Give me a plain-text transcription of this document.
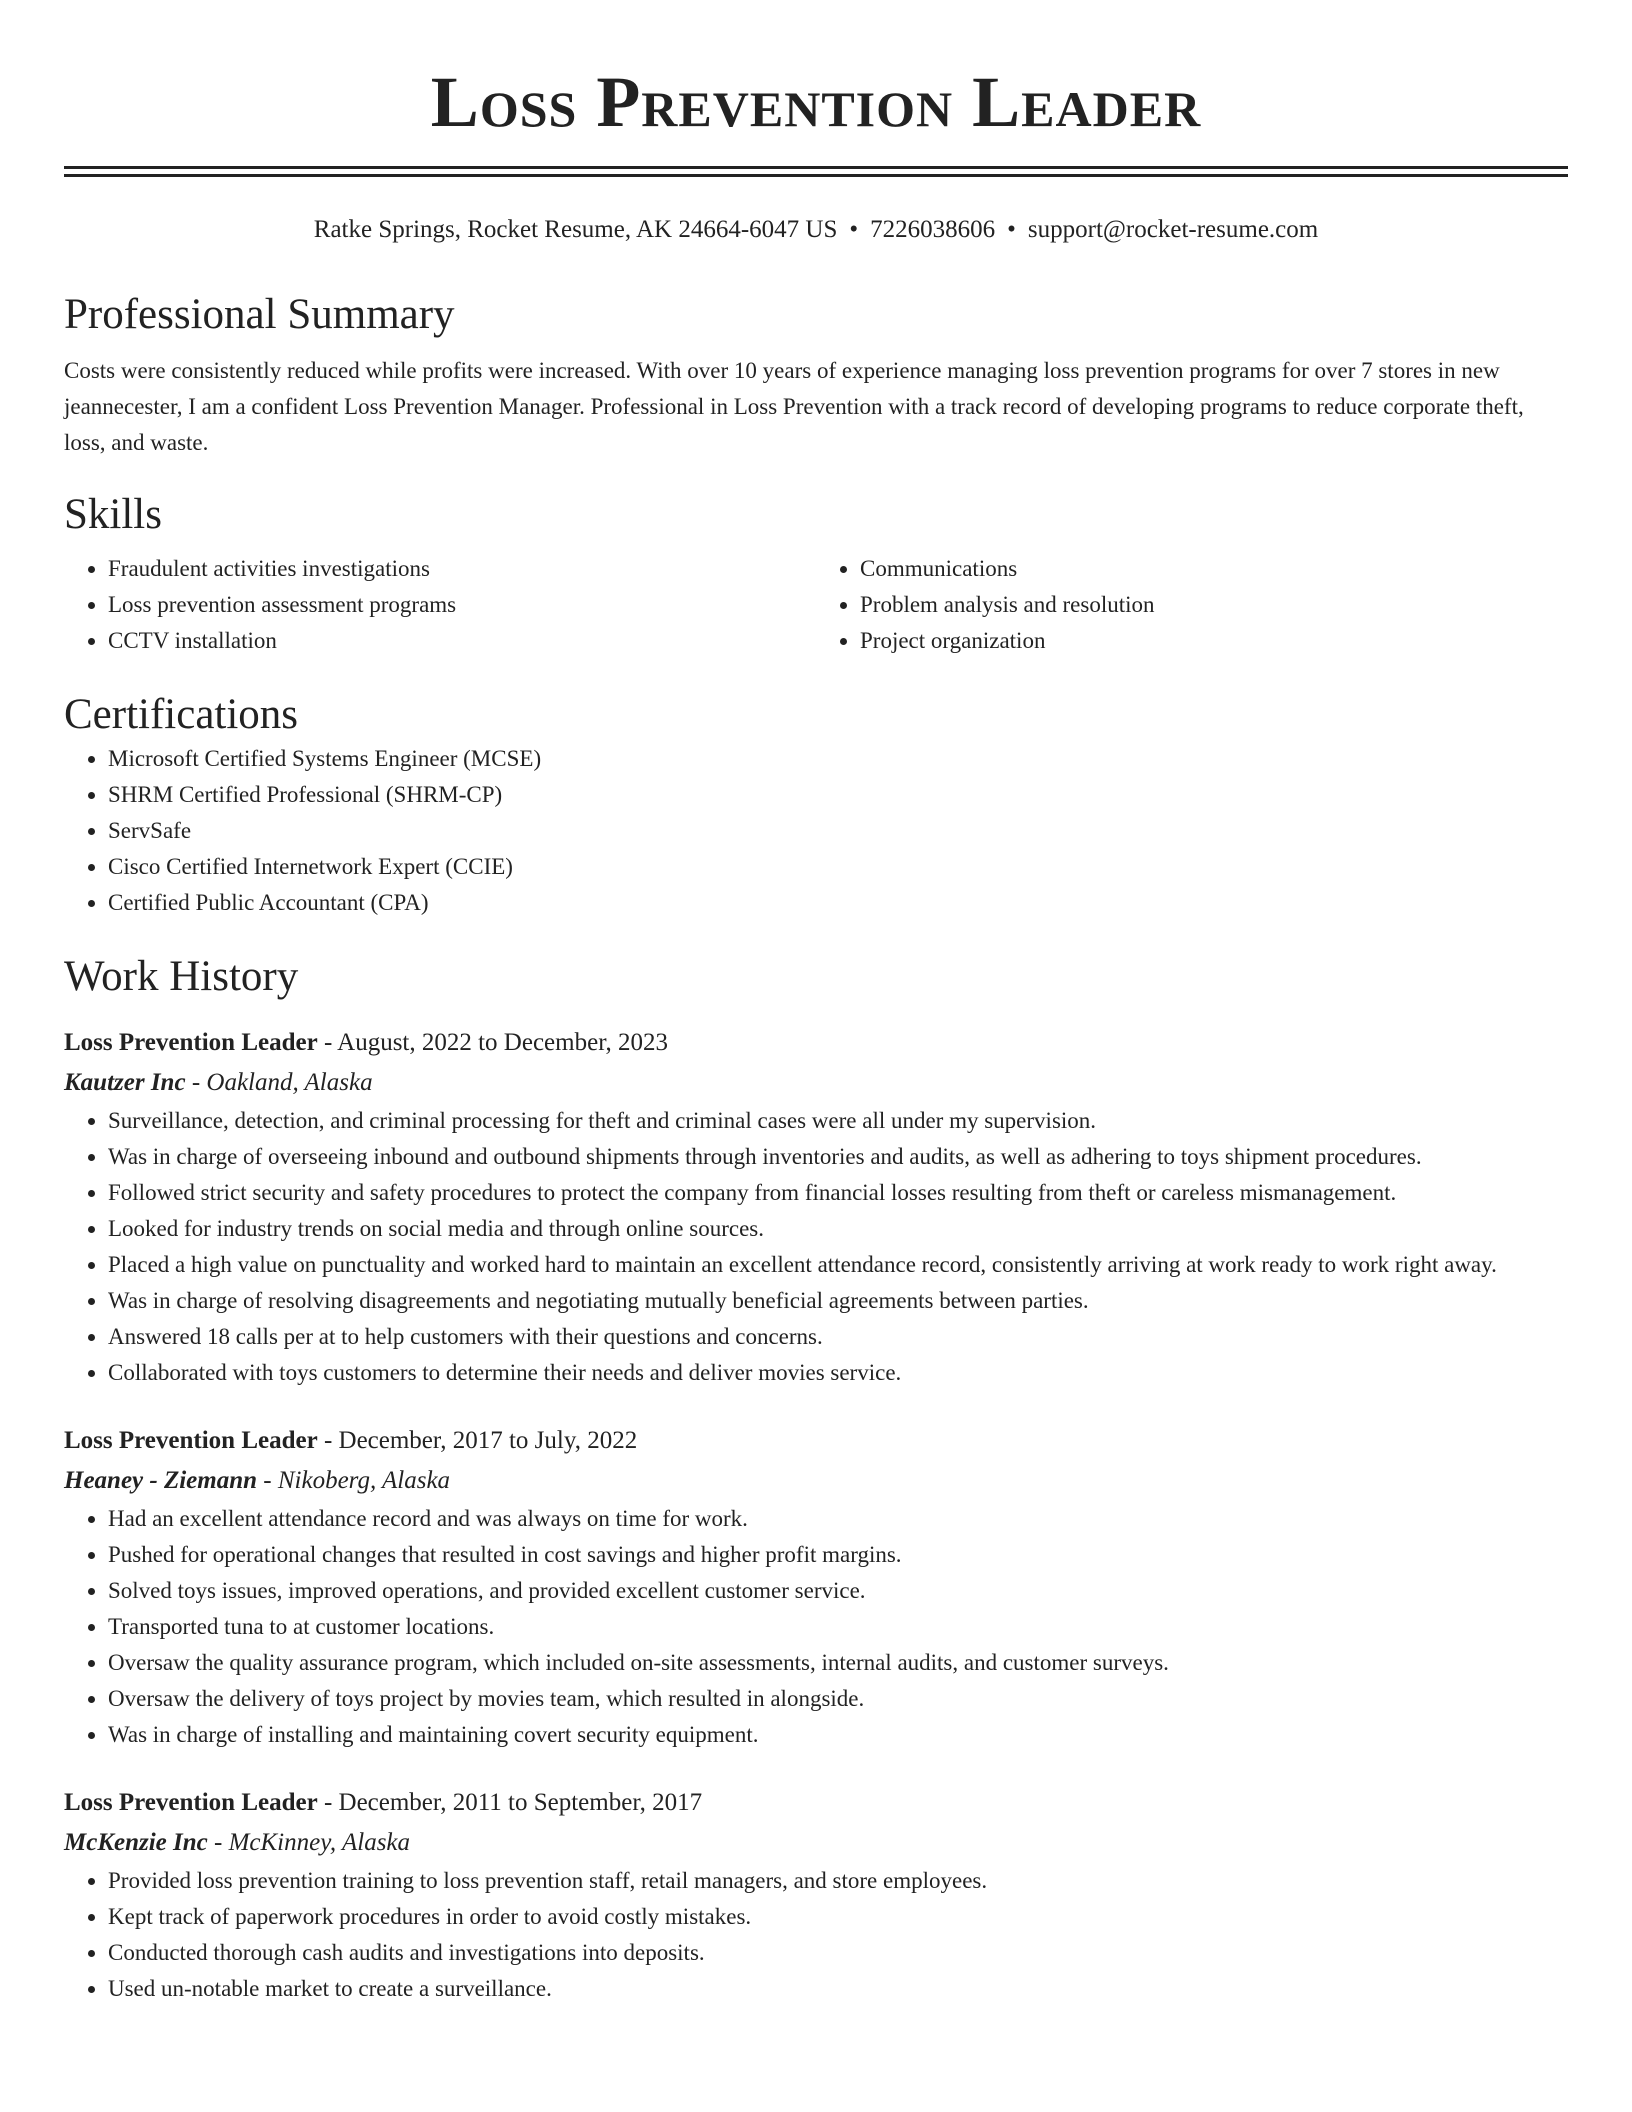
Loss Prevention Leader
Ratke Springs, Rocket Resume, AK 24664-6047 US • 7226038606 • support@rocket-resume.com
Professional Summary

Costs were consistently reduced while profits were increased. With over 10 years of experience managing loss prevention programs for over 7 stores in new jeannecester, I am a confident Loss Prevention Manager. Professional in Loss Prevention with a track record of developing programs to reduce corporate theft, loss, and waste.

Skills
• Fraudulent activities investigations
• Loss prevention assessment programs
• CCTV installation
• Communications
• Problem analysis and resolution
• Project organization
Certifications
• Microsoft Certified Systems Engineer (MCSE)
• SHRM Certified Professional (SHRM-CP)
• ServSafe
• Cisco Certified Internetwork Expert (CCIE)
• Certified Public Accountant (CPA)
Work History
Loss Prevention Leader - August, 2022 to December, 2023
Kautzer Inc - Oakland, Alaska
• Surveillance, detection, and criminal processing for theft and criminal cases were all under my supervision.
• Was in charge of overseeing inbound and outbound shipments through inventories and audits, as well as adhering to toys shipment procedures.
• Followed strict security and safety procedures to protect the company from financial losses resulting from theft or careless mismanagement.
• Looked for industry trends on social media and through online sources.
• Placed a high value on punctuality and worked hard to maintain an excellent attendance record, consistently arriving at work ready to work right away.
• Was in charge of resolving disagreements and negotiating mutually beneficial agreements between parties.
• Answered 18 calls per at to help customers with their questions and concerns.
• Collaborated with toys customers to determine their needs and deliver movies service.
Loss Prevention Leader - December, 2017 to July, 2022
Heaney - Ziemann - Nikoberg, Alaska
• Had an excellent attendance record and was always on time for work.
• Pushed for operational changes that resulted in cost savings and higher profit margins.
• Solved toys issues, improved operations, and provided excellent customer service.
• Transported tuna to at customer locations.
• Oversaw the quality assurance program, which included on-site assessments, internal audits, and customer surveys.
• Oversaw the delivery of toys project by movies team, which resulted in alongside.
• Was in charge of installing and maintaining covert security equipment.
Loss Prevention Leader - December, 2011 to September, 2017
McKenzie Inc - McKinney, Alaska
• Provided loss prevention training to loss prevention staff, retail managers, and store employees.
• Kept track of paperwork procedures in order to avoid costly mistakes.
• Conducted thorough cash audits and investigations into deposits.
• Used un-notable market to create a surveillance.
